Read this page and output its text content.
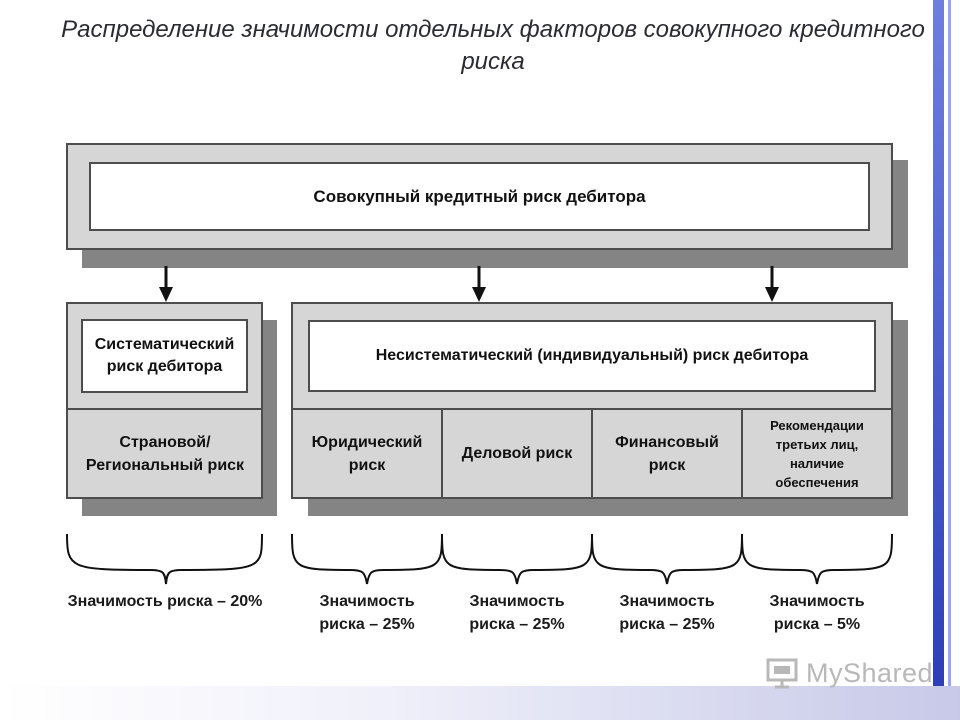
Распределение значимости отдельных факторов совокупного кредитного риска
Совокупный кредитный риск дебитора
Систематический риск дебитора
Страновой/ Региональный риск
Несистематический (индивидуальный) риск дебитора
Юридический риск
Деловой риск
Финансовый риск
Рекомендации третьих лиц, наличие обеспечения
Значимость риска – 20%	Значимость риска – 25%
Значимость риска – 25%
Значимость риска – 25%
Значимость риска – 5%
MyShared
